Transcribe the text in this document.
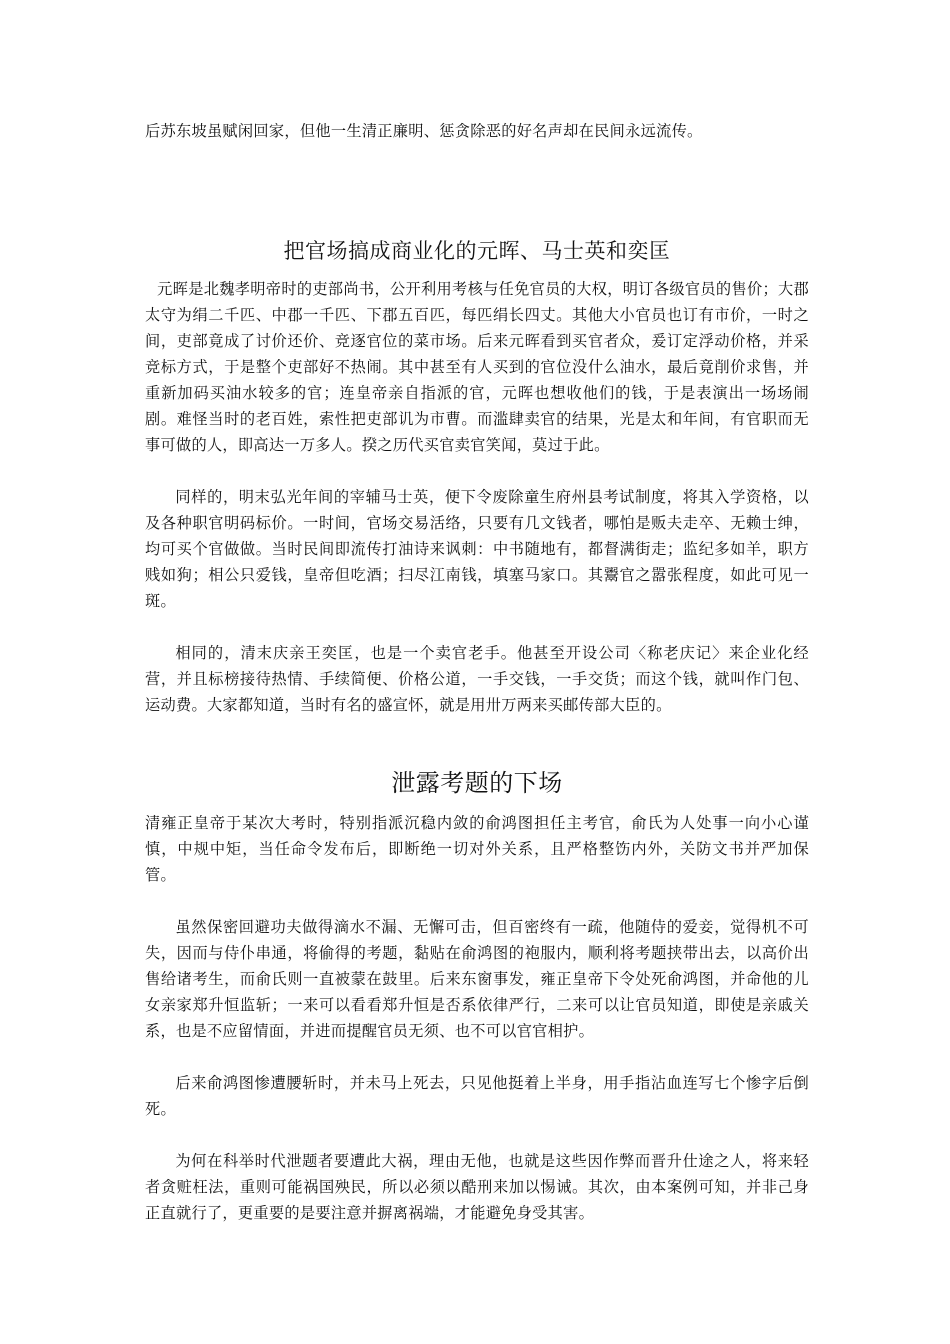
后苏东坡虽赋闲回家，但他一生清正廉明、惩贪除恶的好名声却在民间永远流传。

把官场搞成商业化的元晖、马士英和奕匡

元晖是北魏孝明帝时的吏部尚书，公开利用考核与任免官员的大权，明订各级官员的售价；大郡太守为绢二千匹、中郡一千匹、下郡五百匹，每匹绢长四丈。其他大小官员也订有市价，一时之间，吏部竟成了讨价还价、竞逐官位的菜市场。后来元晖看到买官者众，爰订定浮动价格，并采竞标方式，于是整个吏部好不热闹。其中甚至有人买到的官位没什么油水，最后竟削价求售，并重新加码买油水较多的官；连皇帝亲自指派的官，元晖也想收他们的钱，于是表演出一场场闹剧。难怪当时的老百姓，索性把吏部讥为市曹。而滥肆卖官的结果，光是太和年间，有官职而无事可做的人，即高达一万多人。揆之历代买官卖官笑闻，莫过于此。

同样的，明末弘光年间的宰辅马士英，便下令废除童生府州县考试制度，将其入学资格，以及各种职官明码标价。一时间，官场交易活络，只要有几文钱者，哪怕是贩夫走卒、无赖士绅，均可买个官做做。当时民间即流传打油诗来讽刺：中书随地有，都督满街走；监纪多如羊，职方贱如狗；相公只爱钱，皇帝但吃酒；扫尽江南钱，填塞马家口。其鬻官之嚣张程度，如此可见一斑。

相同的，清末庆亲王奕匡，也是一个卖官老手。他甚至开设公司〈称老庆记〉来企业化经营，并且标榜接待热情、手续简便、价格公道，一手交钱，一手交货；而这个钱，就叫作门包、运动费。大家都知道，当时有名的盛宣怀，就是用卅万两来买邮传部大臣的。

泄露考题的下场

清雍正皇帝于某次大考时，特别指派沉稳内敛的俞鸿图担任主考官，俞氏为人处事一向小心谨慎，中规中矩，当任命令发布后，即断绝一切对外关系，且严格整饬内外，关防文书并严加保管。

虽然保密回避功夫做得滴水不漏、无懈可击，但百密终有一疏，他随侍的爱妾，觉得机不可失，因而与侍仆串通，将偷得的考题，黏贴在俞鸿图的袍服内，顺利将考题挟带出去，以高价出售给诸考生，而俞氏则一直被蒙在鼓里。后来东窗事发，雍正皇帝下令处死俞鸿图，并命他的儿女亲家郑升恒监斩；一来可以看看郑升恒是否系依律严行，二来可以让官员知道，即使是亲戚关系，也是不应留情面，并进而提醒官员无须、也不可以官官相护。

后来俞鸿图惨遭腰斩时，并未马上死去，只见他挺着上半身，用手指沾血连写七个惨字后倒死。

为何在科举时代泄题者要遭此大祸，理由无他，也就是这些因作弊而晋升仕途之人，将来轻者贪赃枉法，重则可能祸国殃民，所以必须以酷刑来加以惕诫。其次，由本案例可知，并非己身正直就行了，更重要的是要注意并摒离祸端，才能避免身受其害。
